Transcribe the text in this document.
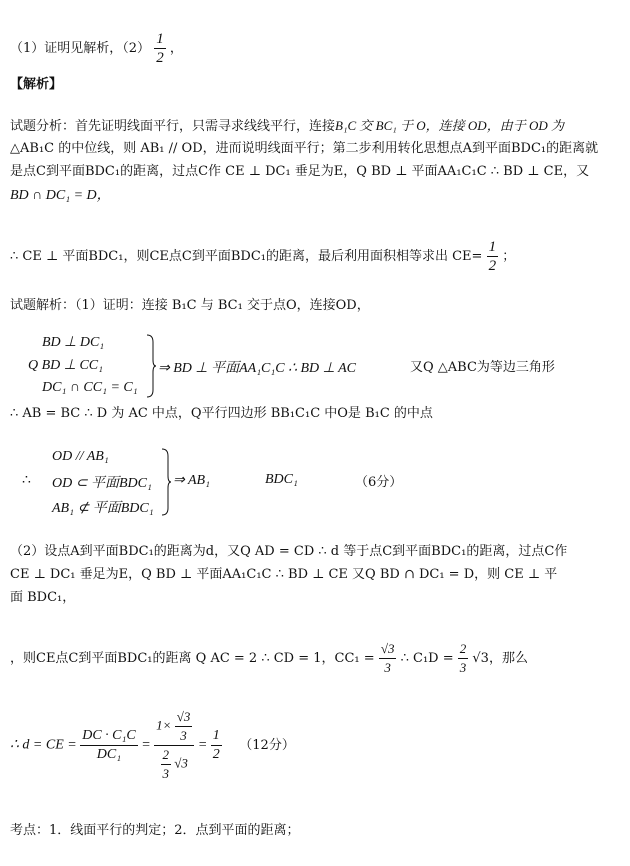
（1）证明见解析，$(2) \frac{1}{2}$ ，
【解析】
试题分析：首先证明线面平行，只需寻求线线平行，连接B₁C 交 BC₁ 于 O，连接 OD，由于 OD 为
△AB₁C 的中位线，则 AB₁ // OD，进而说明线面平行；第二步利用转化思想点A到平面BDC₁的距离就
是点C到平面BDC₁的距离，过点C作 CE ⊥ DC₁ 垂足为E，Q BD ⊥ 平面AA₁C₁C ∴ BD ⊥ CE，又
BD ∩ DC₁ = D，
∴ CE ⊥ 平面BDC₁，则CE点C到平面BDC₁的距离，最后利用面积相等求出 $CE= \frac{1}{2}$ ；
试题解析：（1）证明：连接 B₁C 与 BC₁ 交于点O，连接OD，
BD ⊥ DC₁
Q BD ⊥ CC₁
DC₁ ∩ CC₁ = C₁
⇒ BD ⊥ 平面AA₁C₁C ∴ BD ⊥ AC	又Q △ABC为等边三角形
∴ AB = BC ∴ D 为 AC 中点，Q平行四边形 BB₁C₁C 中O是 B₁C 的中点
∴
OD // AB₁
OD ⊂ 平面BDC₁
AB₁ ⊄ 平面BDC₁
⇒ AB₁	BDC₁	（6分）
（2）设点A到平面BDC₁的距离为d，又Q AD = CD ∴ d 等于点C到平面BDC₁的距离，过点C作
CE ⊥ DC₁ 垂足为E，Q BD ⊥ 平面AA₁C₁C ∴ BD ⊥ CE 又Q BD ∩ DC₁ = D，则 CE ⊥ 平
面 BDC₁，
，则CE点C到平面BDC₁的距离 Q AC = 2 ∴ CD = 1，$CC_1 = \frac{√3}{3}$ ∴ $C_1D = \frac{2}{3} √3$，那么
∴ d = CE = $\frac{\text{DC · C₁C}}{\text{DC₁}} = \frac{1\times \frac{√3}{3}}{\frac{2}{3} √3} = \frac{1}{2} (12$分）
考点：1．线面平行的判定；2．点到平面的距离；
